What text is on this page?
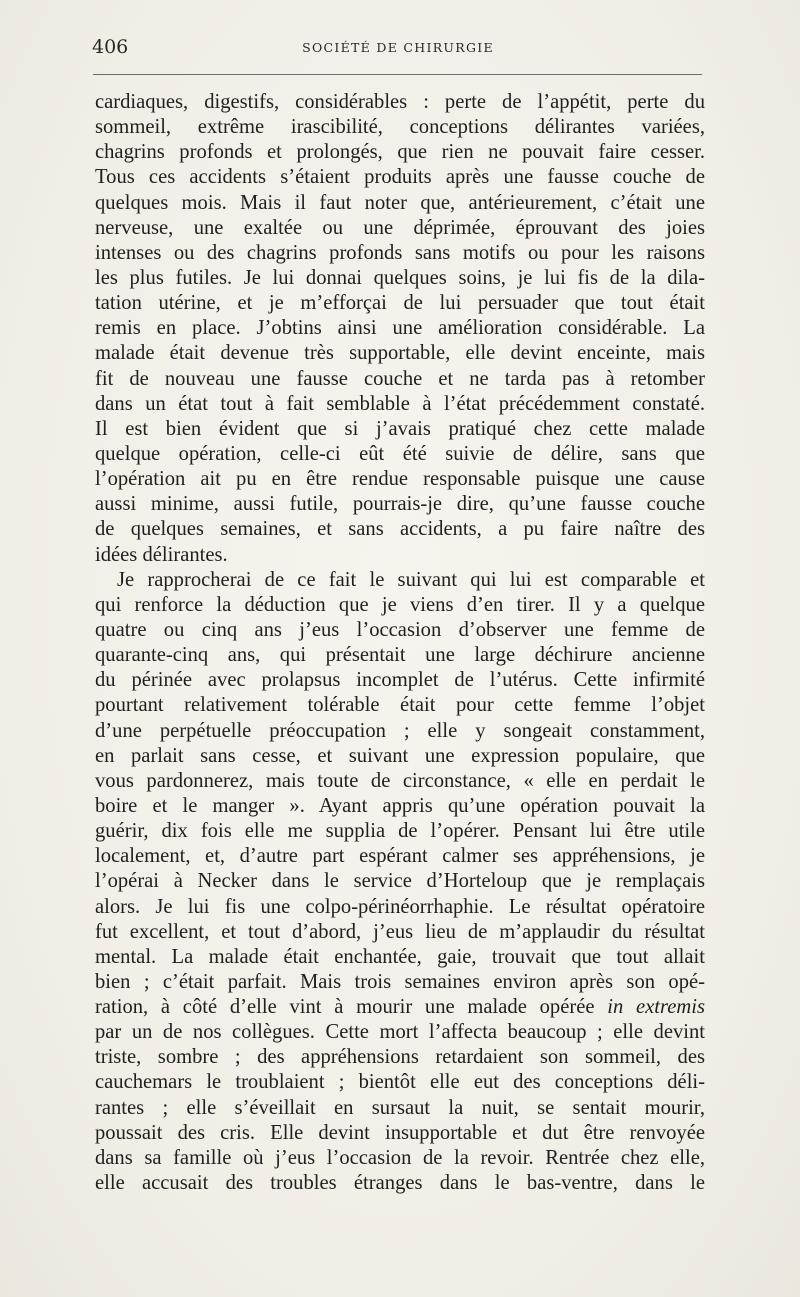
406	SOCIÉTÉ DE CHIRURGIE
cardiaques, digestifs, considérables : perte de l’appétit, perte du
sommeil, extrême irascibilité, conceptions délirantes variées,
chagrins profonds et prolongés, que rien ne pouvait faire cesser.
Tous ces accidents s’étaient produits après une fausse couche de
quelques mois. Mais il faut noter que, antérieurement, c’était une
nerveuse, une exaltée ou une déprimée, éprouvant des joies
intenses ou des chagrins profonds sans motifs ou pour les raisons
les plus futiles. Je lui donnai quelques soins, je lui fis de la dila-
tation utérine, et je m’efforçai de lui persuader que tout était
remis en place. J’obtins ainsi une amélioration considérable. La
malade était devenue très supportable, elle devint enceinte, mais
fit de nouveau une fausse couche et ne tarda pas à retomber
dans un état tout à fait semblable à l’état précédemment constaté.
Il est bien évident que si j’avais pratiqué chez cette malade
quelque opération, celle-ci eût été suivie de délire, sans que
l’opération ait pu en être rendue responsable puisque une cause
aussi minime, aussi futile, pourrais-je dire, qu’une fausse couche
de quelques semaines, et sans accidents, a pu faire naître des
idées délirantes.
Je rapprocherai de ce fait le suivant qui lui est comparable et
qui renforce la déduction que je viens d’en tirer. Il y a quelque
quatre ou cinq ans j’eus l’occasion d’observer une femme de
quarante-cinq ans, qui présentait une large déchirure ancienne
du périnée avec prolapsus incomplet de l’utérus. Cette infirmité
pourtant relativement tolérable était pour cette femme l’objet
d’une perpétuelle préoccupation ; elle y songeait constamment,
en parlait sans cesse, et suivant une expression populaire, que
vous pardonnerez, mais toute de circonstance, « elle en perdait le
boire et le manger ». Ayant appris qu’une opération pouvait la
guérir, dix fois elle me supplia de l’opérer. Pensant lui être utile
localement, et, d’autre part espérant calmer ses appréhensions, je
l’opérai à Necker dans le service d’Horteloup que je remplaçais
alors. Je lui fis une colpo-périnéorrhaphie. Le résultat opératoire
fut excellent, et tout d’abord, j’eus lieu de m’applaudir du résultat
mental. La malade était enchantée, gaie, trouvait que tout allait
bien ; c’était parfait. Mais trois semaines environ après son opé-
ration, à côté d’elle vint à mourir une malade opérée in extremis
par un de nos collègues. Cette mort l’affecta beaucoup ; elle devint
triste, sombre ; des appréhensions retardaient son sommeil, des
cauchemars le troublaient ; bientôt elle eut des conceptions déli-
rantes ; elle s’éveillait en sursaut la nuit, se sentait mourir,
poussait des cris. Elle devint insupportable et dut être renvoyée
dans sa famille où j’eus l’occasion de la revoir. Rentrée chez elle,
elle accusait des troubles étranges dans le bas-ventre, dans le
